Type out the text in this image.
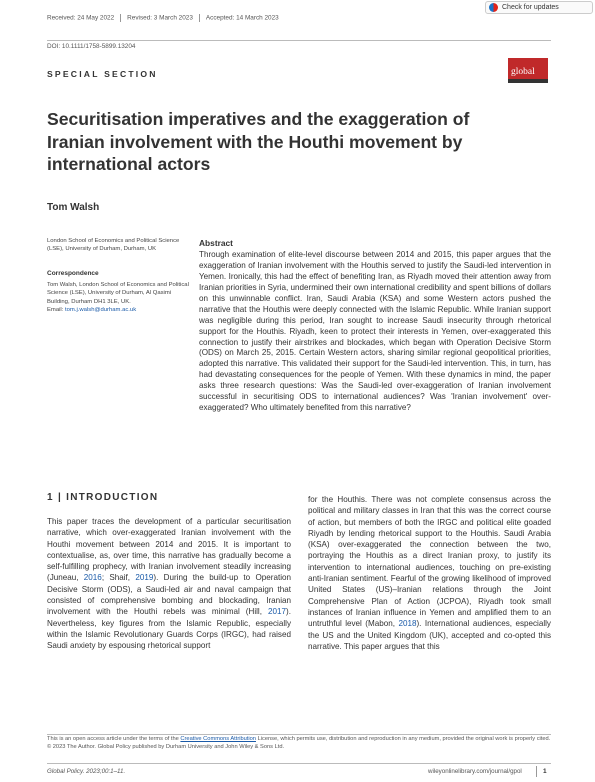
Received: 24 May 2022 Revised: 3 March 2023 Accepted: 14 March 2023
DOI: 10.1111/1758-5899.13204
Check for updates
SPECIAL SECTION	global
Securitisation imperatives and the exaggeration of Iranian involvement with the Houthi movement by international actors
Tom Walsh
London School of Economics and Political Science (LSE), University of Durham, Durham, UK
Correspondence
Tom Walsh, London School of Economics and Political Science (LSE), University of Durham, Al Qasimi Building, Durham DH1 3LE, UK.
Email: tom.j.walsh@durham.ac.uk
Abstract
Through examination of elite-level discourse between 2014 and 2015, this paper argues that the exaggeration of Iranian involvement with the Houthis served to justify the Saudi-led intervention in Yemen. Ironically, this had the effect of benefiting Iran, as Riyadh moved their attention away from Iranian priorities in Syria, undermined their own international credibility and spent billions of dollars on this unwinnable conflict. Iran, Saudi Arabia (KSA) and some Western actors pushed the narrative that the Houthis were deeply connected with the Islamic Republic. While Iranian support was negligible during this period, Iran sought to increase Saudi insecurity through rhetorical support for the Houthis. Riyadh, keen to protect their interests in Yemen, over-exaggerated this connection to justify their airstrikes and blockades, which began with Operation Decisive Storm (ODS) on March 25, 2015. Certain Western actors, sharing similar regional geopolitical priorities, adopted this narrative. This validated their support for the Saudi-led intervention. This, in turn, has had devastating consequences for the people of Yemen. With these dynamics in mind, the paper asks three research questions: Was the Saudi-led over-exaggeration of Iranian involvement successful in securitising ODS to international audiences? Was 'Iranian involvement' over-exaggerated? Who ultimately benefited from this narrative?
1 | INTRODUCTION
This paper traces the development of a particular securitisation narrative, which over-exaggerated Iranian involvement with the Houthi movement between 2014 and 2015. It is important to contextualise, as, over time, this narrative has gradually become a self-fulfilling prophecy, with Iranian involvement steadily increasing (Juneau, 2016; Shaif, 2019). During the build-up to Operation Decisive Storm (ODS), a Saudi-led air and naval campaign that consisted of comprehensive bombing and blockading, Iranian involvement with the Houthi rebels was minimal (Hill, 2017). Nevertheless, key figures from the Islamic Republic, especially within the Islamic Revolutionary Guards Corps (IRGC), had raised Saudi anxiety by espousing rhetorical support
for the Houthis. There was not complete consensus across the political and military classes in Iran that this was the correct course of action, but members of both the IRGC and political elite goaded Riyadh by lending rhetorical support to the Houthis. Saudi Arabia (KSA) over-exaggerated the connection between the two, portraying the Houthis as a direct Iranian proxy, to justify its intervention to international audiences, touching on pre-existing anti-Iranian sentiment. Fearful of the growing likelihood of improved United States (US)–Iranian relations through the Joint Comprehensive Plan of Action (JCPOA), Riyadh took small instances of Iranian influence in Yemen and amplified them to an untruthful level (Mabon, 2018). International audiences, especially the US and the United Kingdom (UK), accepted and co-opted this narrative. This paper argues that this
This is an open access article under the terms of the Creative Commons Attribution License, which permits use, distribution and reproduction in any medium, provided the original work is properly cited.
© 2023 The Author. Global Policy published by Durham University and John Wiley & Sons Ltd.
Global Policy. 2023;00:1–11.	wileyonlinelibrary.com/journal/gpol	1
